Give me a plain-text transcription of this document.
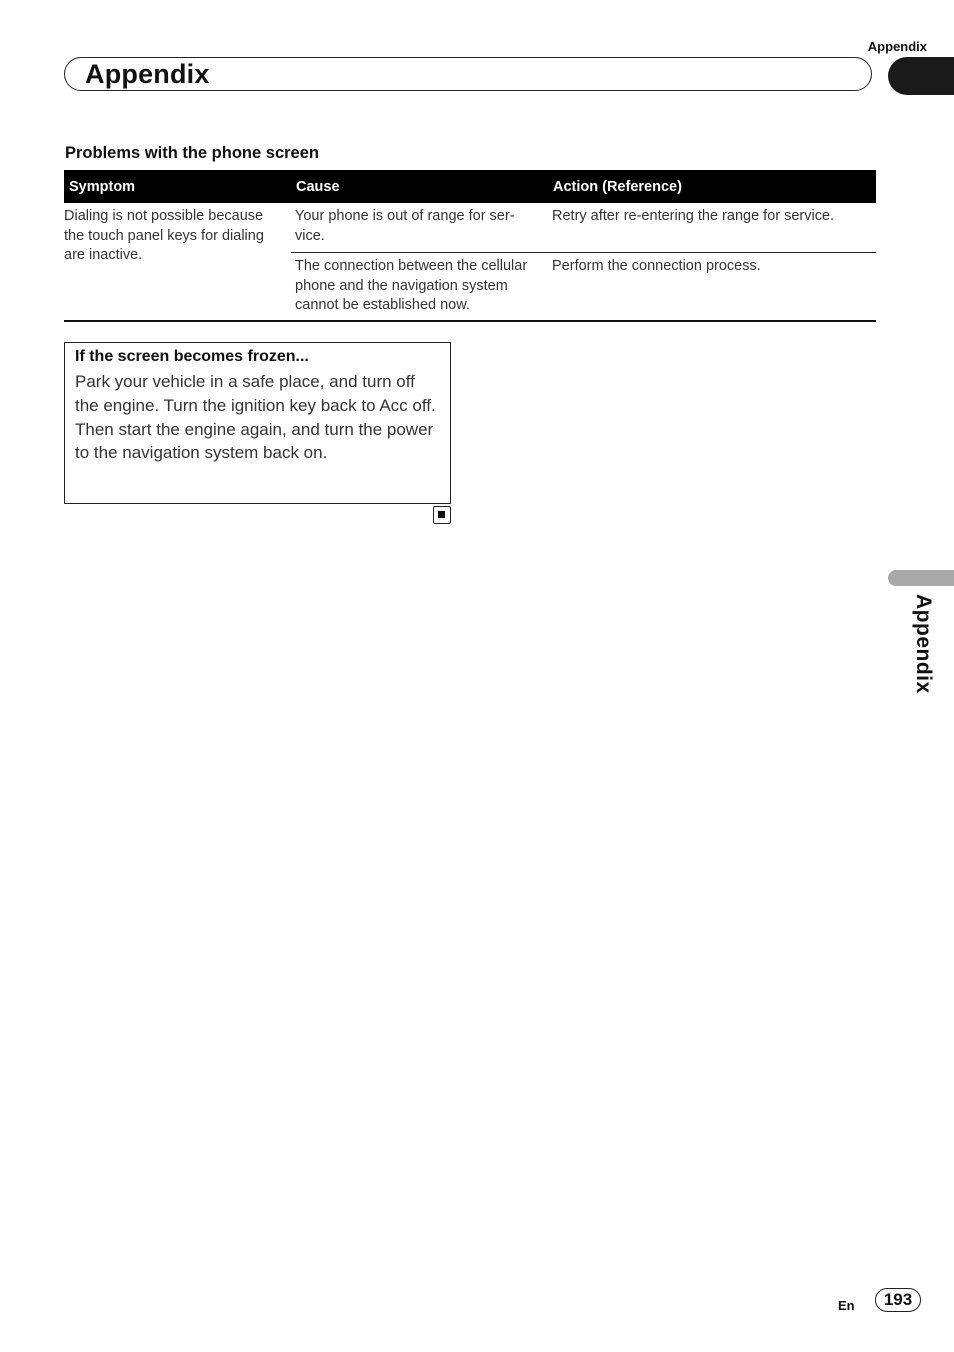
Appendix
Appendix
Problems with the phone screen
Symptom	Cause	Action (Reference)
Dialing is not possible because the touch panel keys for dialing are inactive.	Your phone is out of range for ser-vice.	Retry after re-entering the range for service.
	The connection between the cellular phone and the navigation system cannot be established now.	Perform the connection process.
If the screen becomes frozen...
Park your vehicle in a safe place, and turn off the engine. Turn the ignition key back to Acc off. Then start the engine again, and turn the power to the navigation system back on.
Appendix
En	193
